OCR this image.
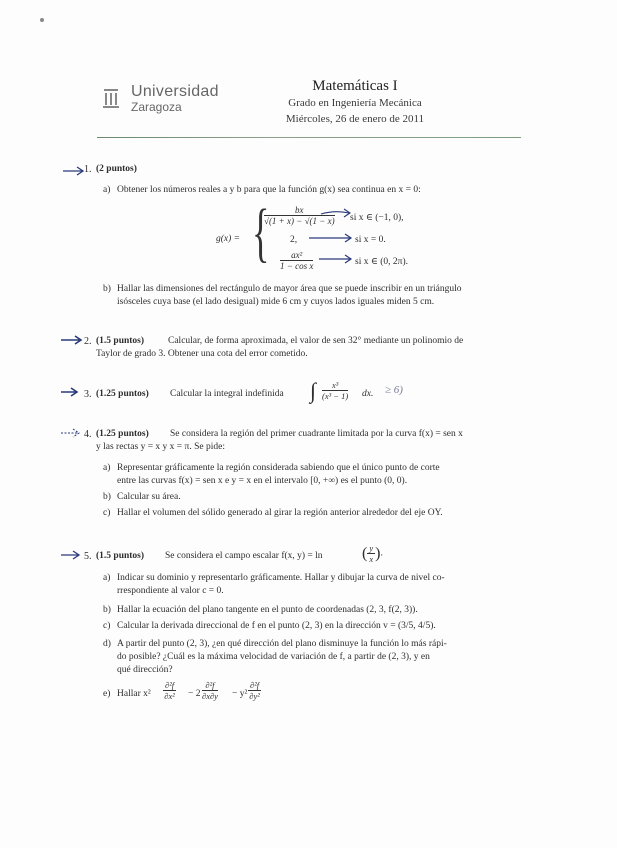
Universidad
Zaragoza
Matemáticas I
Grado en Ingeniería Mecánica
Miércoles, 26 de enero de 2011
1. (2 puntos)
a) Obtener los números reales a y b para que la función g(x) sea continua en x = 0:
g(x) = {
$\frac{bx}{√(1 + x) - √(1 - x)}$ si x ∈ (−1, 0),
2,	si x = 0.
$\frac{\text{ax²}}{\text{1 − cos x}}$	si x ∈ (0, 2π).
b) Hallar las dimensiones del rectángulo de mayor área que se puede inscribir en un triángulo
isósceles cuya base (el lado desigual) mide 6 cm y cuyos lados iguales miden 5 cm.
2. (1.5 puntos)	Calcular, de forma aproximada, el valor de sen 32° mediante un polinomio de
Taylor de grado 3. Obtener una cota del error cometido.
3. (1.25 puntos) Calcular la integral indefinida ∫ $\frac{\text{x³}}{\text{(x³ − 1)}}$ dx. ≥ 6)
4. (1.25 puntos) Se considera la región del primer cuadrante limitada por la curva f(x) = sen x
y las rectas y = x y x = π. Se pide:
a) Representar gráficamente la región considerada sabiendo que el único punto de corte
entre las curvas f(x) = sen x e y = x en el intervalo [0, +∞) es el punto (0, 0).
b) Calcular su área.
c) Hallar el volumen del sólido generado al girar la región anterior alrededor del eje OY.
5. (1.5 puntos) Se considera el campo escalar f(x, y) = ln ( $\frac{y}{x}$ ).
a) Indicar su dominio y representarlo gráficamente. Hallar y dibujar la curva de nivel co-
rrespondiente al valor c = 0.
b) Hallar la ecuación del plano tangente en el punto de coordenadas (2, 3, f(2, 3)).
c) Calcular la derivada direccional de f en el punto (2, 3) en la dirección v = (3/5, 4/5).
d) A partir del punto (2, 3), ¿en qué dirección del plano disminuye la función lo más rápi-
do posible? ¿Cuál es la máxima velocidad de variación de f, a partir de (2, 3), y en
qué dirección?
e) Hallar $x^2 \frac{\text{∂²f}}{\text{∂x²}} - 2 \frac{\text{∂²f}}{\partial x\partial y} - y^2 \frac{\text{∂²f}}{\text{∂y²}}$
